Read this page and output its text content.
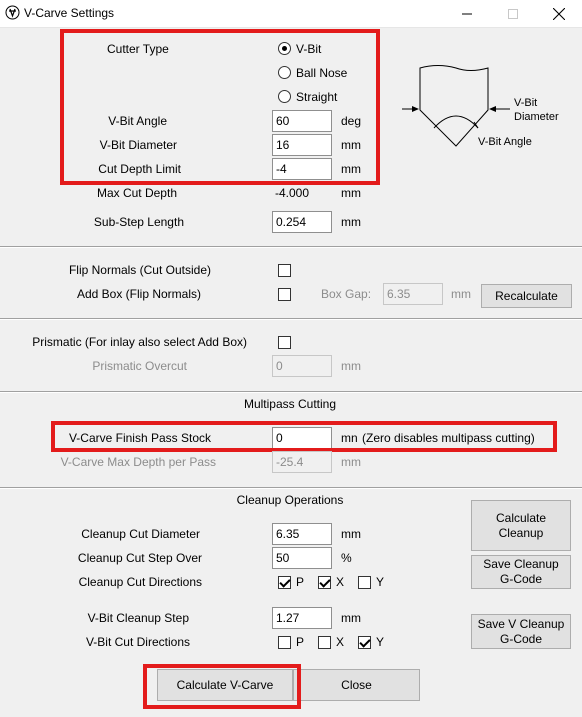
V-Carve Settings
Cutter Type	V-Bit
Ball Nose
Straight
V-Bit Angle	60	deg
V-Bit Diameter	16	mm
Cut Depth Limit	-4	mm
Max Cut Depth	-4.000	mm
Sub-Step Length	0.254	mm
V-Bit
Diameter
V-Bit Angle
Flip Normals (Cut Outside)
Add Box (Flip Normals)	Box Gap:	6.35	mm	Recalculate
Prismatic (For inlay also select Add Box)
Prismatic Overcut	0	mm
Multipass Cutting
V-Carve Finish Pass Stock	0	mn (Zero disables multipass cutting)
V-Carve Max Depth per Pass	-25.4	mm
Cleanup Operations
Cleanup Cut Diameter	6.35	mm
Cleanup Cut Step Over	50	%
Cleanup Cut Directions	P	X	Y
V-Bit Cleanup Step	1.27	mm
V-Bit Cut Directions	P	X	Y
Calculate
Cleanup
Save Cleanup
G-Code
Save V Cleanup
G-Code
Calculate V-Carve	Close
